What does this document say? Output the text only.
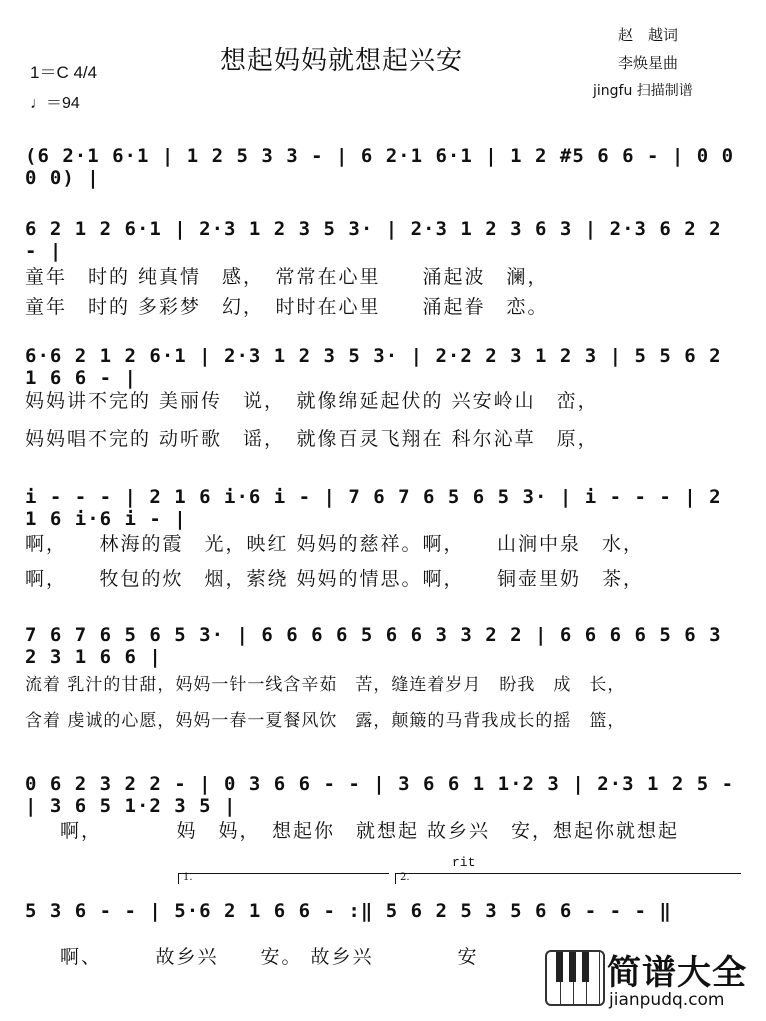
1＝C 4/4
♩＝94
想起妈妈就想起兴安
赵　越词
李焕星曲
jingfu 扫描制谱
(6 2·1 6·1 | 1 2 5 3 3 - | 6 2·1 6·1 | 1 2 #5 6 6 - | 0 0 0 0) |
6 2 1 2 6·1 | 2·3 1 2 3 5 3· | 2·3 1 2 3 6 3 | 2·3 6 2 2 - |
童年　时的 纯真情　感，　常常在心里　　涌起波　澜，
童年　时的 多彩梦　幻，　时时在心里　　涌起眷　恋。
6·6 2 1 2 6·1 | 2·3 1 2 3 5 3· | 2·2 2 3 1 2 3 | 5 5 6 2 1 6 6 - |
妈妈讲不完的 美丽传　说，　就像绵延起伏的 兴安岭山　峦，
妈妈唱不完的 动听歌　谣，　就像百灵飞翔在 科尔沁草　原，
i - - - | 2 1 6 i·6 i - | 7 6 7 6 5 6 5 3· | i - - - | 2 1 6 i·6 i - |
啊，　　林海的霞　光，映红 妈妈的慈祥。啊，　　山涧中泉　水，
啊，　　牧包的炊　烟，萦绕 妈妈的情思。啊，　　铜壶里奶　茶，
7 6 7 6 5 6 5 3· | 6 6 6 6 5 6 6 3 3 2 2 | 6 6 6 6 5 6 3 2 3 1 6 6 |
流着 乳汁的甘甜，妈妈一针一线含辛茹　苦，缝连着岁月　盼我　成　长，
含着 虔诚的心愿，妈妈一春一夏餐风饮　露，颠簸的马背我成长的摇　篮，
0 6 2 3 2 2 - | 0 3 6 6 - - | 3 6 6 1 1·2 3 | 2·3 1 2 5 - | 3 6 5 1·2 3 5 |
啊，　　　　妈　妈，　想起你　就想起 故乡兴　安，想起你就想起
1.	2.
rit
5 3 6 - - | 5·6 2 1 6 6 - :‖ 5 6 2 5 3 5 6 6 - - - ‖
啊、　　　故乡兴　　安。 故乡兴　　　　安	简谱大全
jianpudq.com
